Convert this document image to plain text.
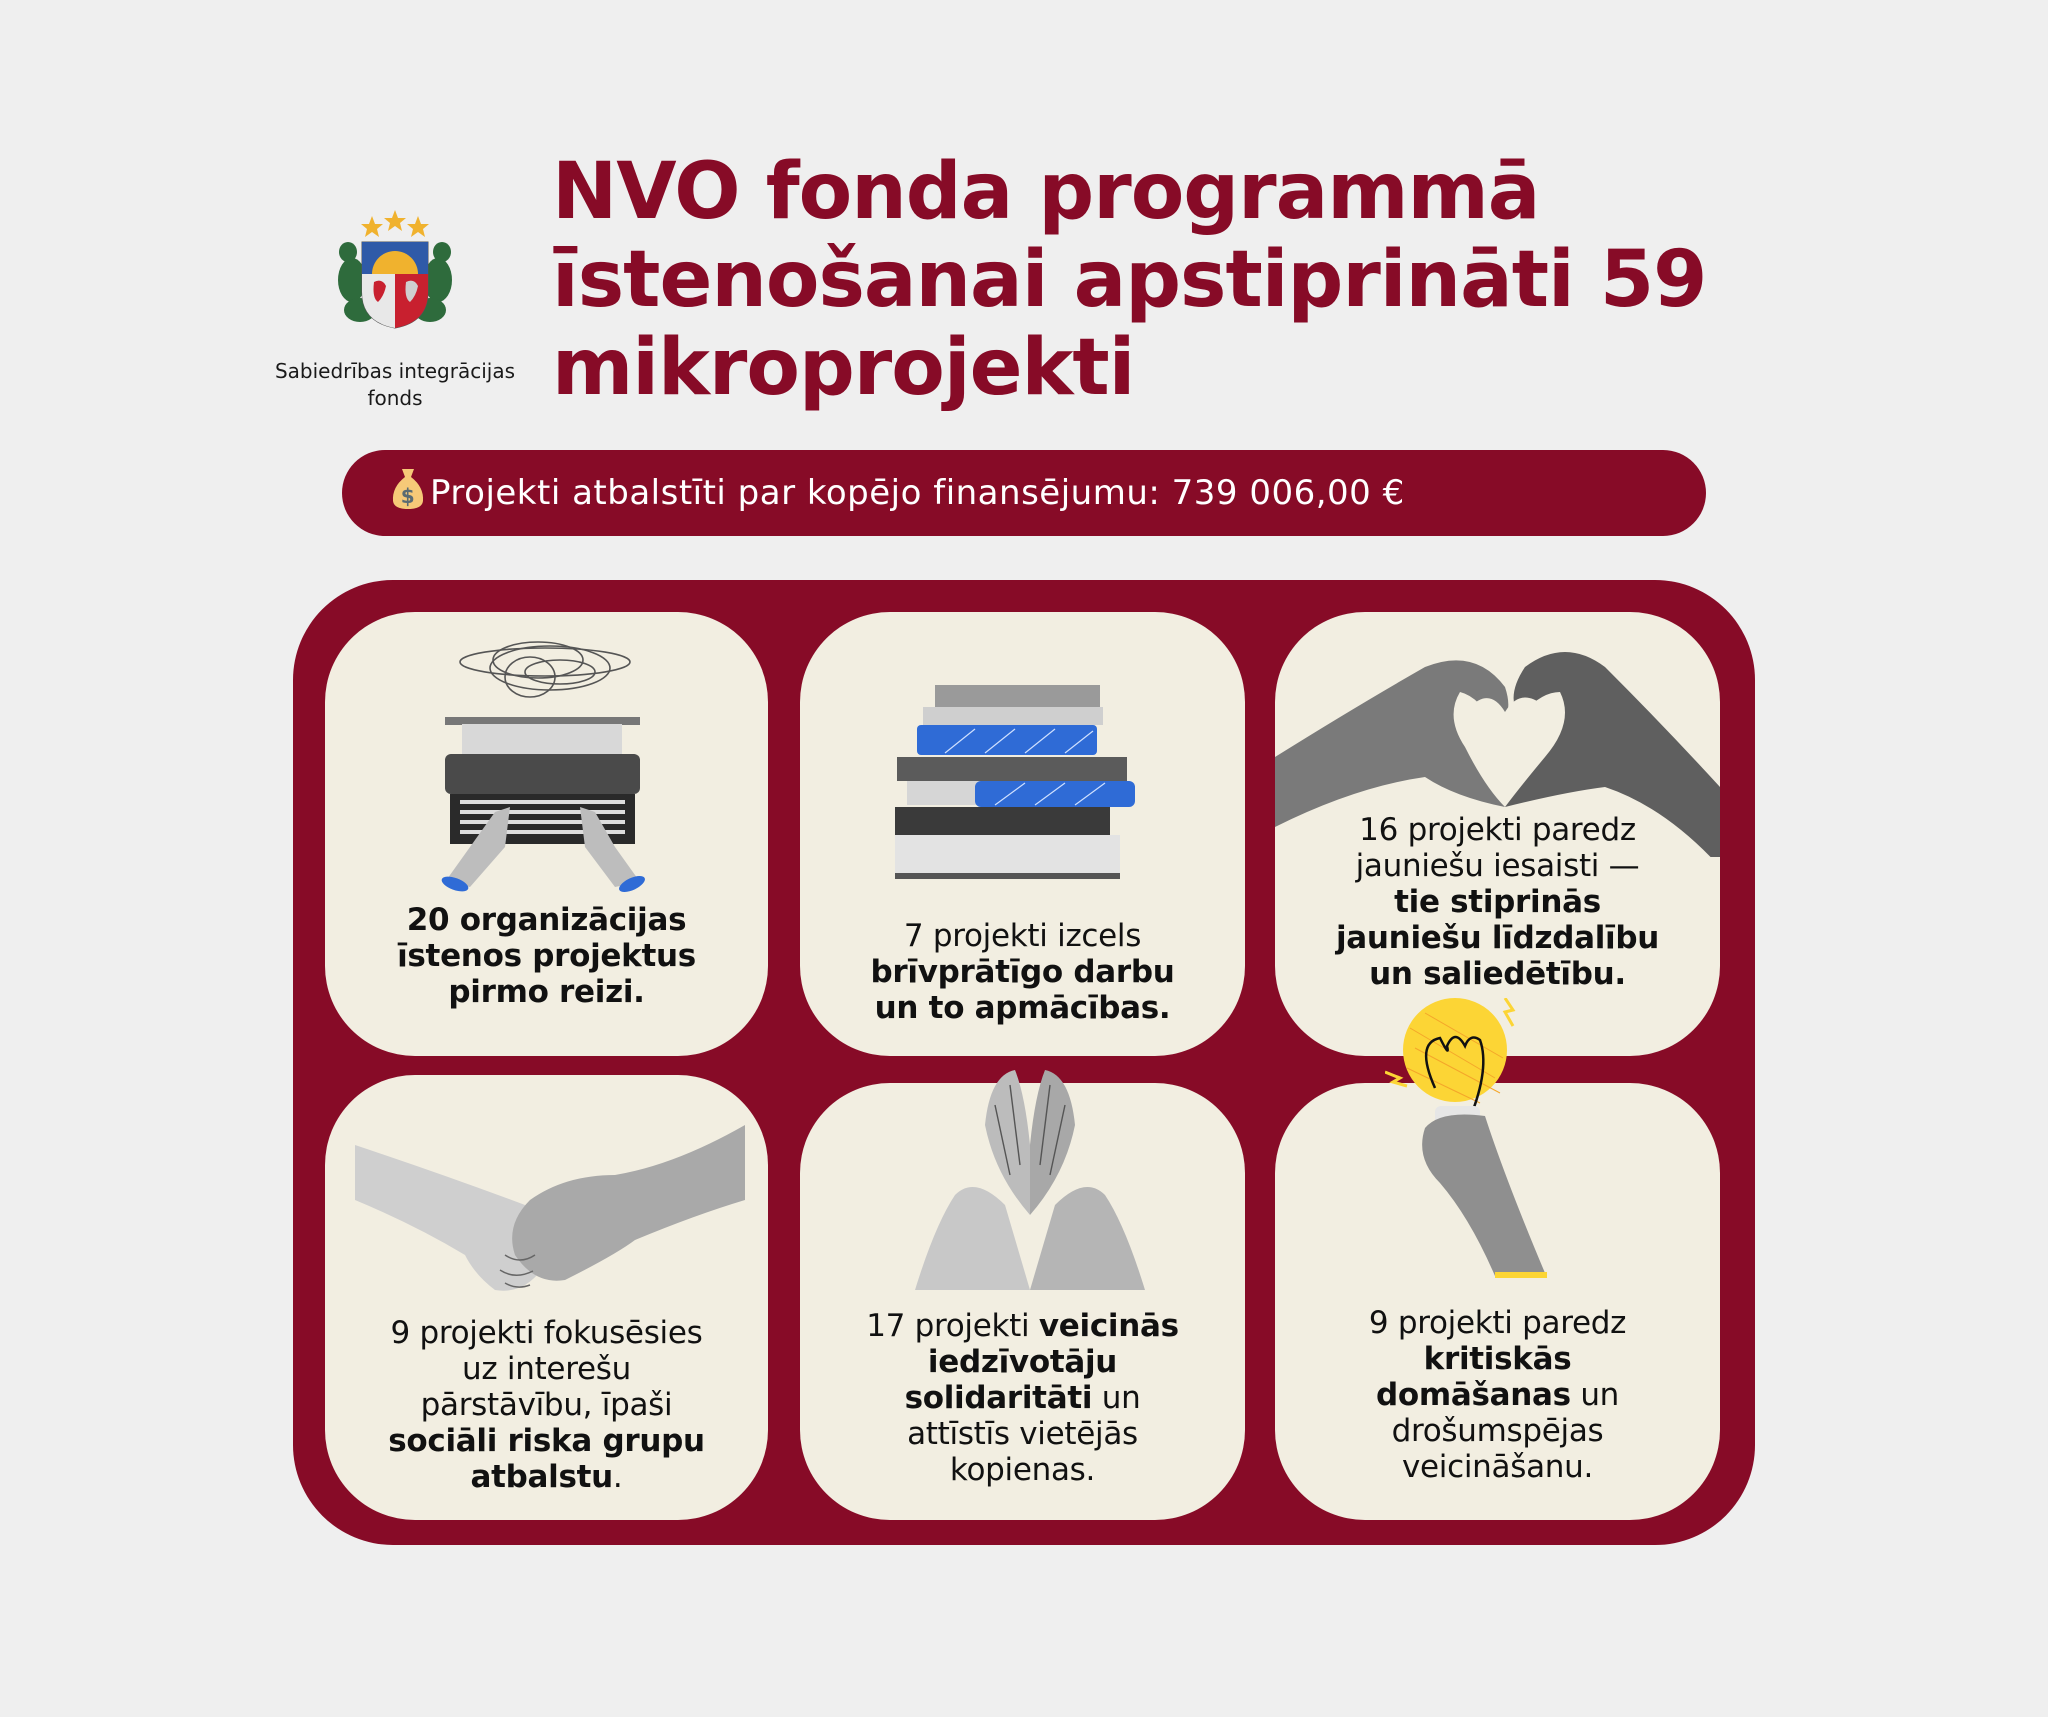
Sabiedrības integrācijas
fonds
NVO fonda programmā
īstenošanai apstiprināti 59
mikroprojekti
$ Projekti atbalstīti par kopējo finansējumu: 739 006,00 €
20 organizācijas
īstenos projektus
pirmo reizi.
7 projekti izcels
brīvprātīgo darbu
un to apmācības.
16 projekti paredz
jauniešu iesaisti —
tie stiprinās
jauniešu līdzdalību
un saliedētību.
9 projekti fokusēsies
uz interešu
pārstāvību, īpaši
sociāli riska grupu
atbalstu.
17 projekti veicinās
iedzīvotāju
solidaritāti un
attīstīs vietējās
kopienas.
9 projekti paredz
kritiskās
domāšanas un
drošumspējas
veicināšanu.
